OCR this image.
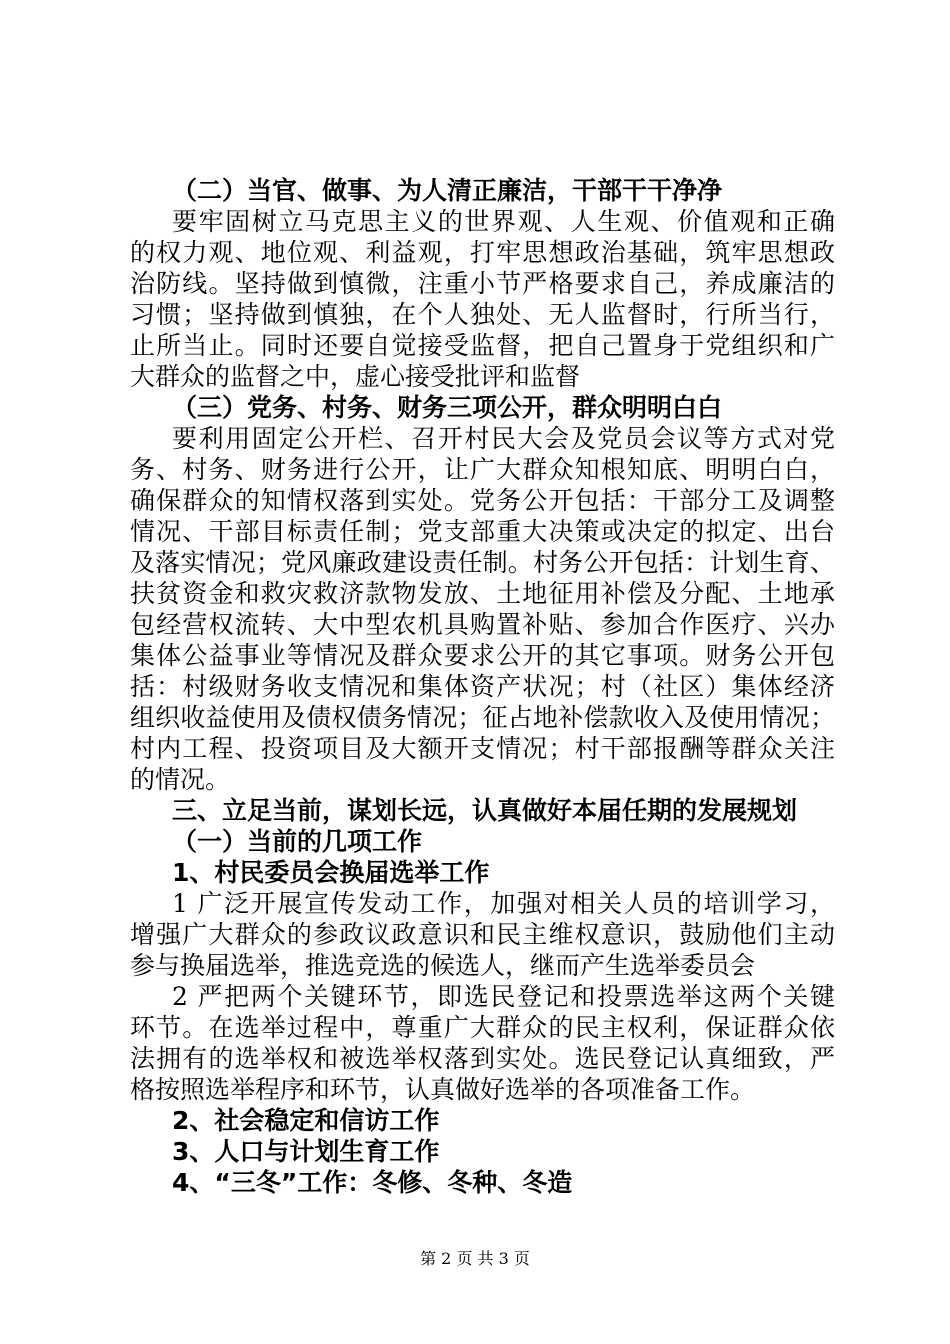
（二）当官、做事、为人清正廉洁，干部干干净净
要牢固树立马克思主义的世界观、人生观、价值观和正确
的权力观、地位观、利益观，打牢思想政治基础，筑牢思想政
治防线。坚持做到慎微，注重小节严格要求自己，养成廉洁的
习惯；坚持做到慎独，在个人独处、无人监督时，行所当行，
止所当止。同时还要自觉接受监督，把自己置身于党组织和广
大群众的监督之中，虚心接受批评和监督
（三）党务、村务、财务三项公开，群众明明白白
要利用固定公开栏、召开村民大会及党员会议等方式对党
务、村务、财务进行公开，让广大群众知根知底、明明白白，
确保群众的知情权落到实处。党务公开包括：干部分工及调整
情况、干部目标责任制；党支部重大决策或决定的拟定、出台
及落实情况；党风廉政建设责任制。村务公开包括：计划生育、
扶贫资金和救灾救济款物发放、土地征用补偿及分配、土地承
包经营权流转、大中型农机具购置补贴、参加合作医疗、兴办
集体公益事业等情况及群众要求公开的其它事项。财务公开包
括：村级财务收支情况和集体资产状况；村（社区）集体经济
组织收益使用及债权债务情况；征占地补偿款收入及使用情况；
村内工程、投资项目及大额开支情况；村干部报酬等群众关注
的情况。
三、立足当前，谋划长远，认真做好本届任期的发展规划
（一）当前的几项工作
1、村民委员会换届选举工作
1 广泛开展宣传发动工作，加强对相关人员的培训学习，
增强广大群众的参政议政意识和民主维权意识，鼓励他们主动
参与换届选举，推选竞选的候选人，继而产生选举委员会
2 严把两个关键环节，即选民登记和投票选举这两个关键
环节。在选举过程中，尊重广大群众的民主权利，保证群众依
法拥有的选举权和被选举权落到实处。选民登记认真细致，严
格按照选举程序和环节，认真做好选举的各项准备工作。
2、社会稳定和信访工作
3、人口与计划生育工作
4、“三冬”工作：冬修、冬种、冬造
第 2 页 共 3 页
